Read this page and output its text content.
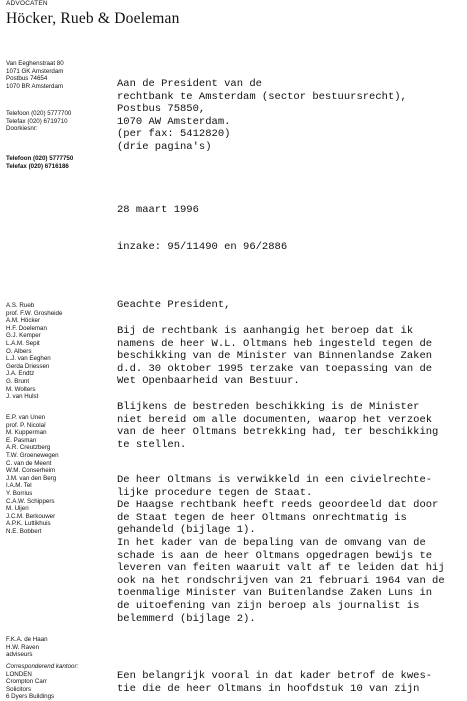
ADVOCATEN
Höcker, Rueb & Doeleman
Van Eeghenstraat 80
1071 GK Amsterdam
Postbus 74654
1070 BR Amsterdam
Telefoon (020) 5777700
Telefax (020) 6719710
Doorkiesnr:
Telefoon (020) 5777750
Telefax (020) 6716186
Aan de President van de
rechtbank te Amsterdam (sector bestuursrecht),
Postbus 75850,
1070 AW Amsterdam.
(per fax: 5412820)
(drie pagina's)
28 maart 1996
inzake: 95/11490 en 96/2886
Geachte President,
Bij de rechtbank is aanhangig het beroep dat ik
namens de heer W.L. Oltmans heb ingesteld tegen de
beschikking van de Minister van Binnenlandse Zaken
d.d. 30 oktober 1995 terzake van toepassing van de
Wet Openbaarheid van Bestuur.
Blijkens de bestreden beschikking is de Minister
niet bereid om alle documenten, waarop het verzoek
van de heer Oltmans betrekking had, ter beschikking
te stellen.
De heer Oltmans is verwikkeld in een civielrechte-
lijke procedure tegen de Staat.
De Haagse rechtbank heeft reeds geoordeeld dat door
de Staat tegen de heer Oltmans onrechtmatig is
gehandeld (bijlage 1).
In het kader van de bepaling van de omvang van de
schade is aan de heer Oltmans opgedragen bewijs te
leveren van feiten waaruit valt af te leiden dat hij
ook na het rondschrijven van 21 februari 1964 van de
toenmalige Minister van Buitenlandse Zaken Luns in
de uitoefening van zijn beroep als journalist is
belemmerd (bijlage 2).
Een belangrijk vooral in dat kader betrof de kwes-
tie die de heer Oltmans in hoofdstuk 10 van zijn
A.S. Rueb
prof. F.W. Grosheide
A.M. Höcker
H.F. Doeleman
G.J. Kemper
L.A.M. Sepit
O. Albers
L.J. van Eeghen
Gerda Driessen
J.A. Endtz
G. Brunt
M. Wolters
J. van Hulst
E.P. van Unen
prof. P. Nicolaï
M. Kupperman
E. Pasman
A.R. Creutzberg
T.W. Groenewegen
C. van de Meent
W.M. Conserheim
J.M. van den Berg
I.A.M. Tel
Y. Borrius
C.A.W. Schippers
M. Uijen
J.C.M. Berkouwer
A.P.K. Luttikhuis
N.E. Bobbert
F.K.A. de Haan
H.W. Raven
adviseurs
Corresponderend kantoor:
LONDEN
Crompton Carr
Solicitors
6 Dyers Buildings
